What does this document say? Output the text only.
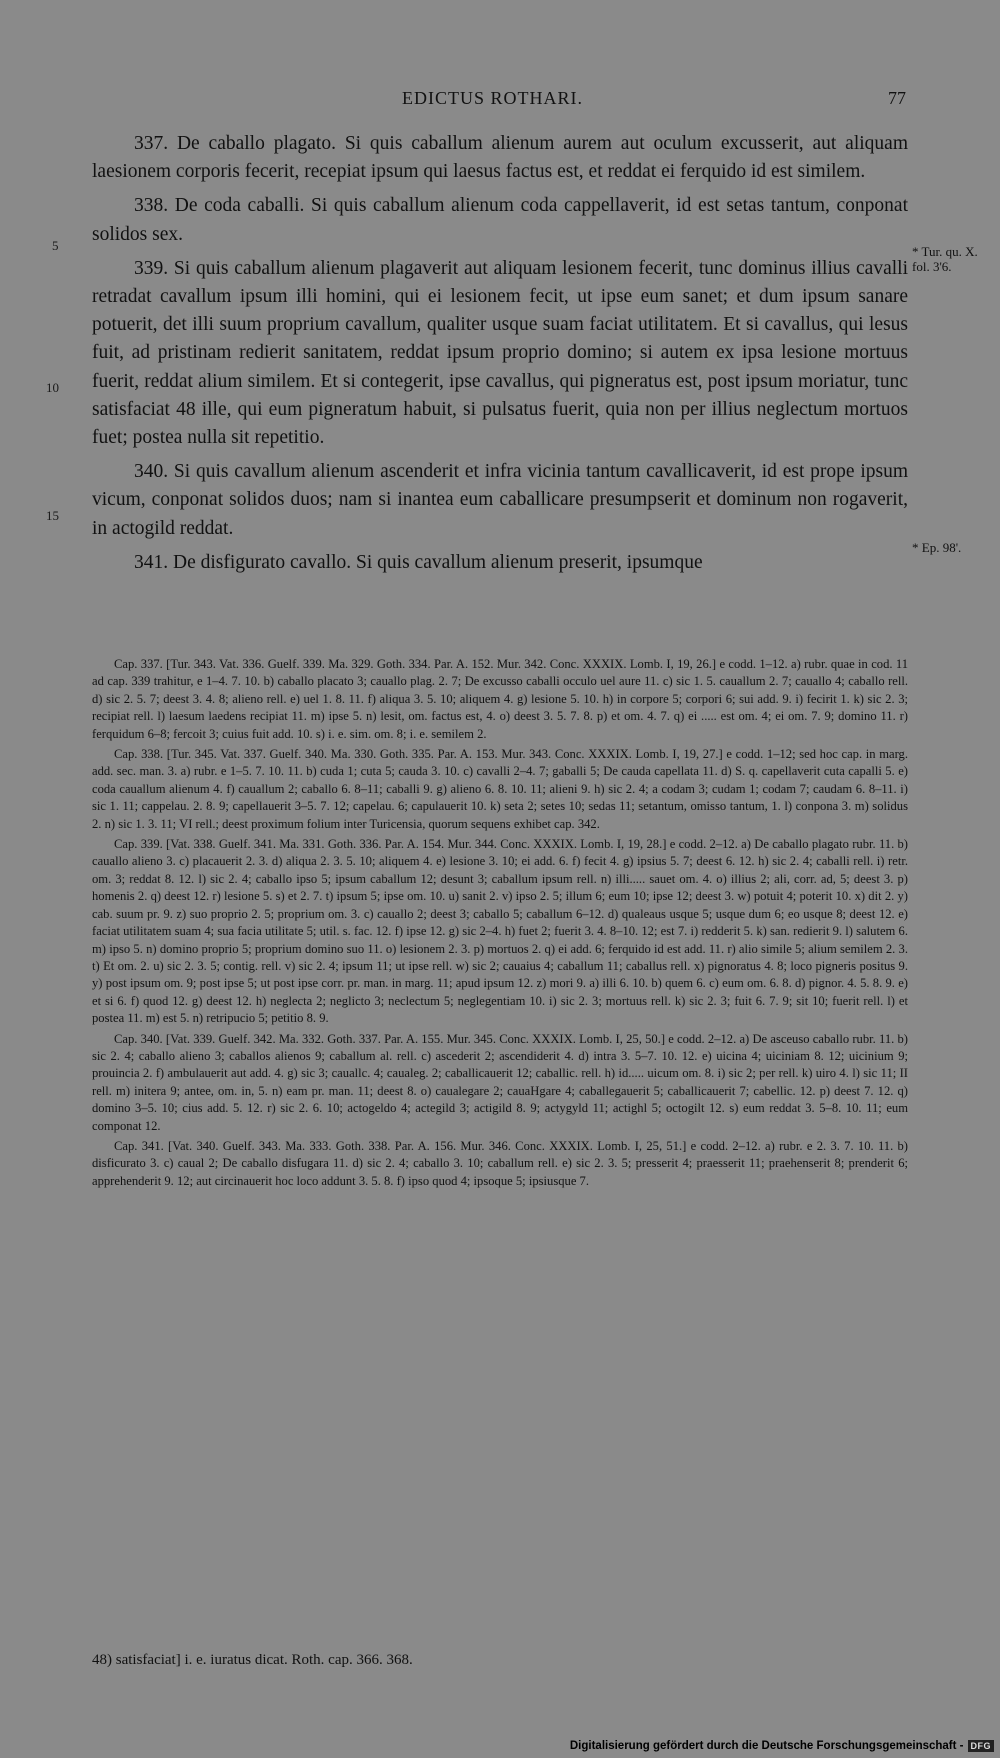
EDICTUS ROTHARI.	77

337. De caballo plagato. Si quis caballum alienum aurem aut oculum excusserit, aut aliquam laesionem corporis fecerit, recepiat ipsum qui laesus factus est, et reddat ei ferquido id est similem.

338. De coda caballi. Si quis caballum alienum coda cappellaverit, id est setas tantum, conponat solidos sex.

339. Si quis caballum alienum plagaverit aut aliquam lesionem fecerit, tunc dominus illius cavalli retradat cavallum ipsum illi homini, qui ei lesionem fecit, ut ipse eum sanet; et dum ipsum sanare potuerit, det illi suum proprium cavallum, qualiter usque suam faciat utilitatem. Et si cavallus, qui lesus fuit, ad pristinam redierit sanitatem, reddat ipsum proprio domino; si autem ex ipsa lesione mortuus fuerit, reddat alium similem. Et si contegerit, ipse cavallus, qui pigneratus est, post ipsum moriatur, tunc satisfaciat 48 ille, qui eum pigneratum habuit, si pulsatus fuerit, quia non per illius neglectum mortuos fuet; postea nulla sit repetitio.

340. Si quis cavallum alienum ascenderit et infra vicinia tantum cavallicaverit, id est prope ipsum vicum, conponat solidos duos; nam si inantea eum caballicare presumpserit et dominum non rogaverit, in actogild reddat.

341. De disfigurato cavallo. Si quis cavallum alienum preserit, ipsumque

5
10
15
* Tur. qu. X. fol. 3'6.
* Ep. 98'.

Cap. 337. [Tur. 343. Vat. 336. Guelf. 339. Ma. 329. Goth. 334. Par. A. 152. Mur. 342. Conc. XXXIX. Lomb. I, 19, 26.] e codd. 1–12. a) rubr. quae in cod. 11 ad cap. 339 trahitur, e 1–4. 7. 10. b) caballo placato 3; cauallo plag. 2. 7; De excusso caballi occulo uel aure 11. c) sic 1. 5. cauallum 2. 7; cauallo 4; caballo rell. d) sic 2. 5. 7; deest 3. 4. 8; alieno rell. e) uel 1. 8. 11. f) aliqua 3. 5. 10; aliquem 4. g) lesione 5. 10. h) in corpore 5; corpori 6; sui add. 9. i) fecirit 1. k) sic 2. 3; recipiat rell. l) laesum laedens recipiat 11. m) ipse 5. n) lesit, om. factus est, 4. o) deest 3. 5. 7. 8. p) et om. 4. 7. q) ei ..... est om. 4; ei om. 7. 9; domino 11. r) ferquidum 6–8; fercoit 3; cuius fuit add. 10. s) i. e. sim. om. 8; i. e. semilem 2.

Cap. 338. [Tur. 345. Vat. 337. Guelf. 340. Ma. 330. Goth. 335. Par. A. 153. Mur. 343. Conc. XXXIX. Lomb. I, 19, 27.] e codd. 1–12; sed hoc cap. in marg. add. sec. man. 3. a) rubr. e 1–5. 7. 10. 11. b) cuda 1; cuta 5; cauda 3. 10. c) cavalli 2–4. 7; gaballi 5; De cauda capellata 11. d) S. q. capellaverit cuta capalli 5. e) coda cauallum alienum 4. f) cauallum 2; caballo 6. 8–11; caballi 9. g) alieno 6. 8. 10. 11; alieni 9. h) sic 2. 4; a codam 3; cudam 1; codam 7; caudam 6. 8–11. i) sic 1. 11; cappelau. 2. 8. 9; capellauerit 3–5. 7. 12; capelau. 6; capulauerit 10. k) seta 2; setes 10; sedas 11; setantum, omisso tantum, 1. l) conpona 3. m) solidus 2. n) sic 1. 3. 11; VI rell.; deest proximum folium inter Turicensia, quorum sequens exhibet cap. 342.

Cap. 339. [Vat. 338. Guelf. 341. Ma. 331. Goth. 336. Par. A. 154. Mur. 344. Conc. XXXIX. Lomb. I, 19, 28.] e codd. 2–12. a) De caballo plagato rubr. 11. b) cauallo alieno 3. c) placauerit 2. 3. d) aliqua 2. 3. 5. 10; aliquem 4. e) lesione 3. 10; ei add. 6. f) fecit 4. g) ipsius 5. 7; deest 6. 12. h) sic 2. 4; caballi rell. i) retr. om. 3; reddat 8. 12. l) sic 2. 4; caballo ipso 5; ipsum caballum 12; desunt 3; caballum ipsum rell. n) illi..... sauet om. 4. o) illius 2; ali, corr. ad, 5; deest 3. p) homenis 2. q) deest 12. r) lesione 5. s) et 2. 7. t) ipsum 5; ipse om. 10. u) sanit 2. v) ipso 2. 5; illum 6; eum 10; ipse 12; deest 3. w) potuit 4; poterit 10. x) dit 2. y) cab. suum pr. 9. z) suo proprio 2. 5; proprium om. 3. c) cauallo 2; deest 3; caballo 5; caballum 6–12. d) qualeaus usque 5; usque dum 6; eo usque 8; deest 12. e) faciat utilitatem suam 4; sua facia utilitate 5; util. s. fac. 12. f) ipse 12. g) sic 2–4. h) fuet 2; fuerit 3. 4. 8–10. 12; est 7. i) redderit 5. k) san. redierit 9. l) salutem 6. m) ipso 5. n) domino proprio 5; proprium domino suo 11. o) lesionem 2. 3. p) mortuos 2. q) ei add. 6; ferquido id est add. 11. r) alio simile 5; alium semilem 2. 3. t) Et om. 2. u) sic 2. 3. 5; contig. rell. v) sic 2. 4; ipsum 11; ut ipse rell. w) sic 2; cauaius 4; caballum 11; caballus rell. x) pignoratus 4. 8; loco pigneris positus 9. y) post ipsum om. 9; post ipse 5; ut post ipse corr. pr. man. in marg. 11; apud ipsum 12. z) mori 9. a) illi 6. 10. b) quem 6. c) eum om. 6. 8. d) pignor. 4. 5. 8. 9. e) et si 6. f) quod 12. g) deest 12. h) neglecta 2; neglicto 3; neclectum 5; neglegentiam 10. i) sic 2. 3; mortuus rell. k) sic 2. 3; fuit 6. 7. 9; sit 10; fuerit rell. l) et postea 11. m) est 5. n) retripucio 5; petitio 8. 9.

Cap. 340. [Vat. 339. Guelf. 342. Ma. 332. Goth. 337. Par. A. 155. Mur. 345. Conc. XXXIX. Lomb. I, 25, 50.] e codd. 2–12. a) De asceuso caballo rubr. 11. b) sic 2. 4; caballo alieno 3; caballos alienos 9; caballum al. rell. c) ascederit 2; ascendiderit 4. d) intra 3. 5–7. 10. 12. e) uicina 4; uiciniam 8. 12; uicinium 9; prouincia 2. f) ambulauerit aut add. 4. g) sic 3; cauallc. 4; caualeg. 2; caballicauerit 12; caballic. rell. h) id..... uicum om. 8. i) sic 2; per rell. k) uiro 4. l) sic 11; II rell. m) initera 9; antee, om. in, 5. n) eam pr. man. 11; deest 8. o) caualegare 2; cauaHgare 4; caballegauerit 5; caballicauerit 7; cabellic. 12. p) deest 7. 12. q) domino 3–5. 10; cius add. 5. 12. r) sic 2. 6. 10; actogeldo 4; actegild 3; actigild 8. 9; actygyld 11; actighl 5; octogilt 12. s) eum reddat 3. 5–8. 10. 11; eum componat 12.

Cap. 341. [Vat. 340. Guelf. 343. Ma. 333. Goth. 338. Par. A. 156. Mur. 346. Conc. XXXIX. Lomb. I, 25, 51.] e codd. 2–12. a) rubr. e 2. 3. 7. 10. 11. b) disficurato 3. c) caual 2; De caballo disfugara 11. d) sic 2. 4; caballo 3. 10; caballum rell. e) sic 2. 3. 5; presserit 4; praesserit 11; praehenserit 8; prenderit 6; apprehenderit 9. 12; aut circinauerit hoc loco addunt 3. 5. 8. f) ipso quod 4; ipsoque 5; ipsiusque 7.

48) satisfaciat] i. e. iuratus dicat. Roth. cap. 366. 368.
Digitalisierung gefördert durch die Deutsche Forschungsgemeinschaft - DFG
